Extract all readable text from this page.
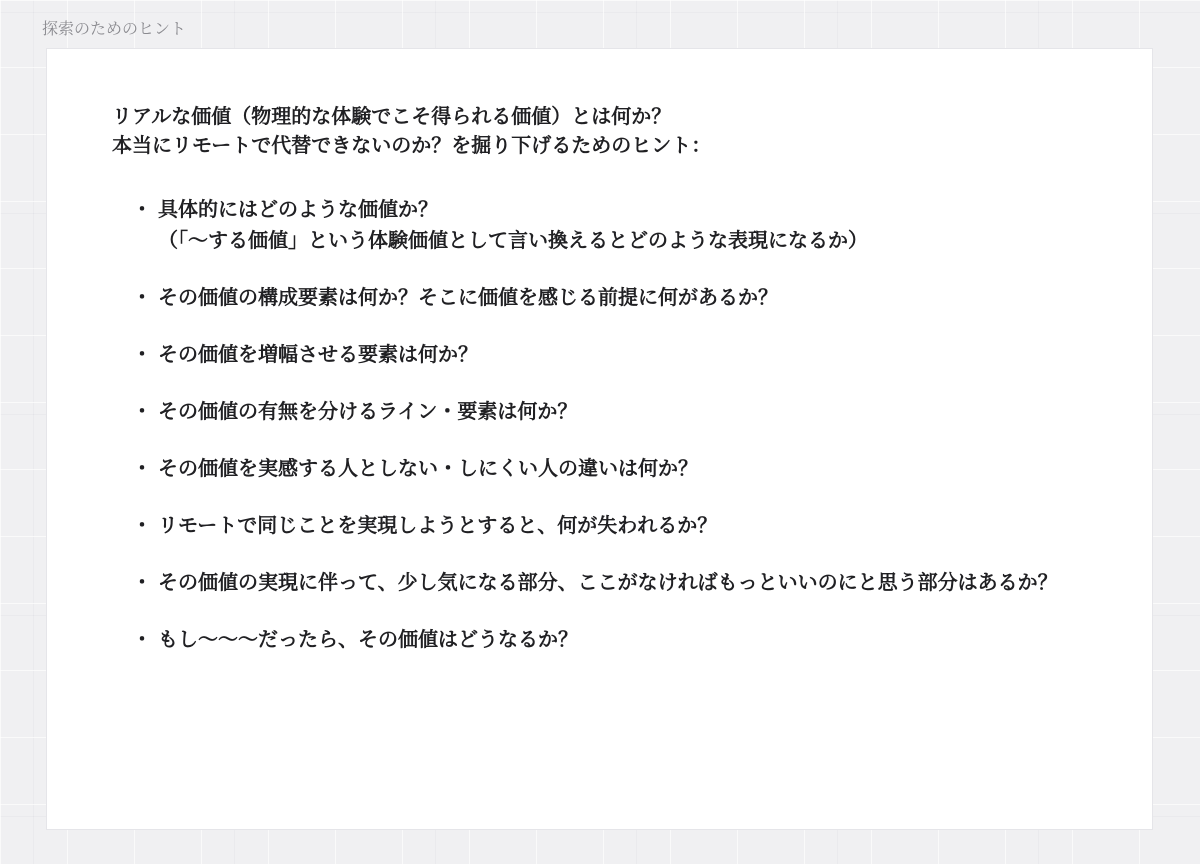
探索のためのヒント
リアルな価値（物理的な体験でこそ得られる価値）とは何か？
本当にリモートで代替できないのか？を掘り下げるためのヒント：
・ 具体的にはどのような価値か？
（「〜する価値」という体験価値として言い換えるとどのような表現になるか）
・ その価値の構成要素は何か？そこに価値を感じる前提に何があるか？
・ その価値を増幅させる要素は何か？
・ その価値の有無を分けるライン・要素は何か？
・ その価値を実感する人としない・しにくい人の違いは何か？
・ リモートで同じことを実現しようとすると、何が失われるか？
・ その価値の実現に伴って、少し気になる部分、ここがなければもっといいのにと思う部分はあるか？
・ もし〜〜〜だったら、その価値はどうなるか？
